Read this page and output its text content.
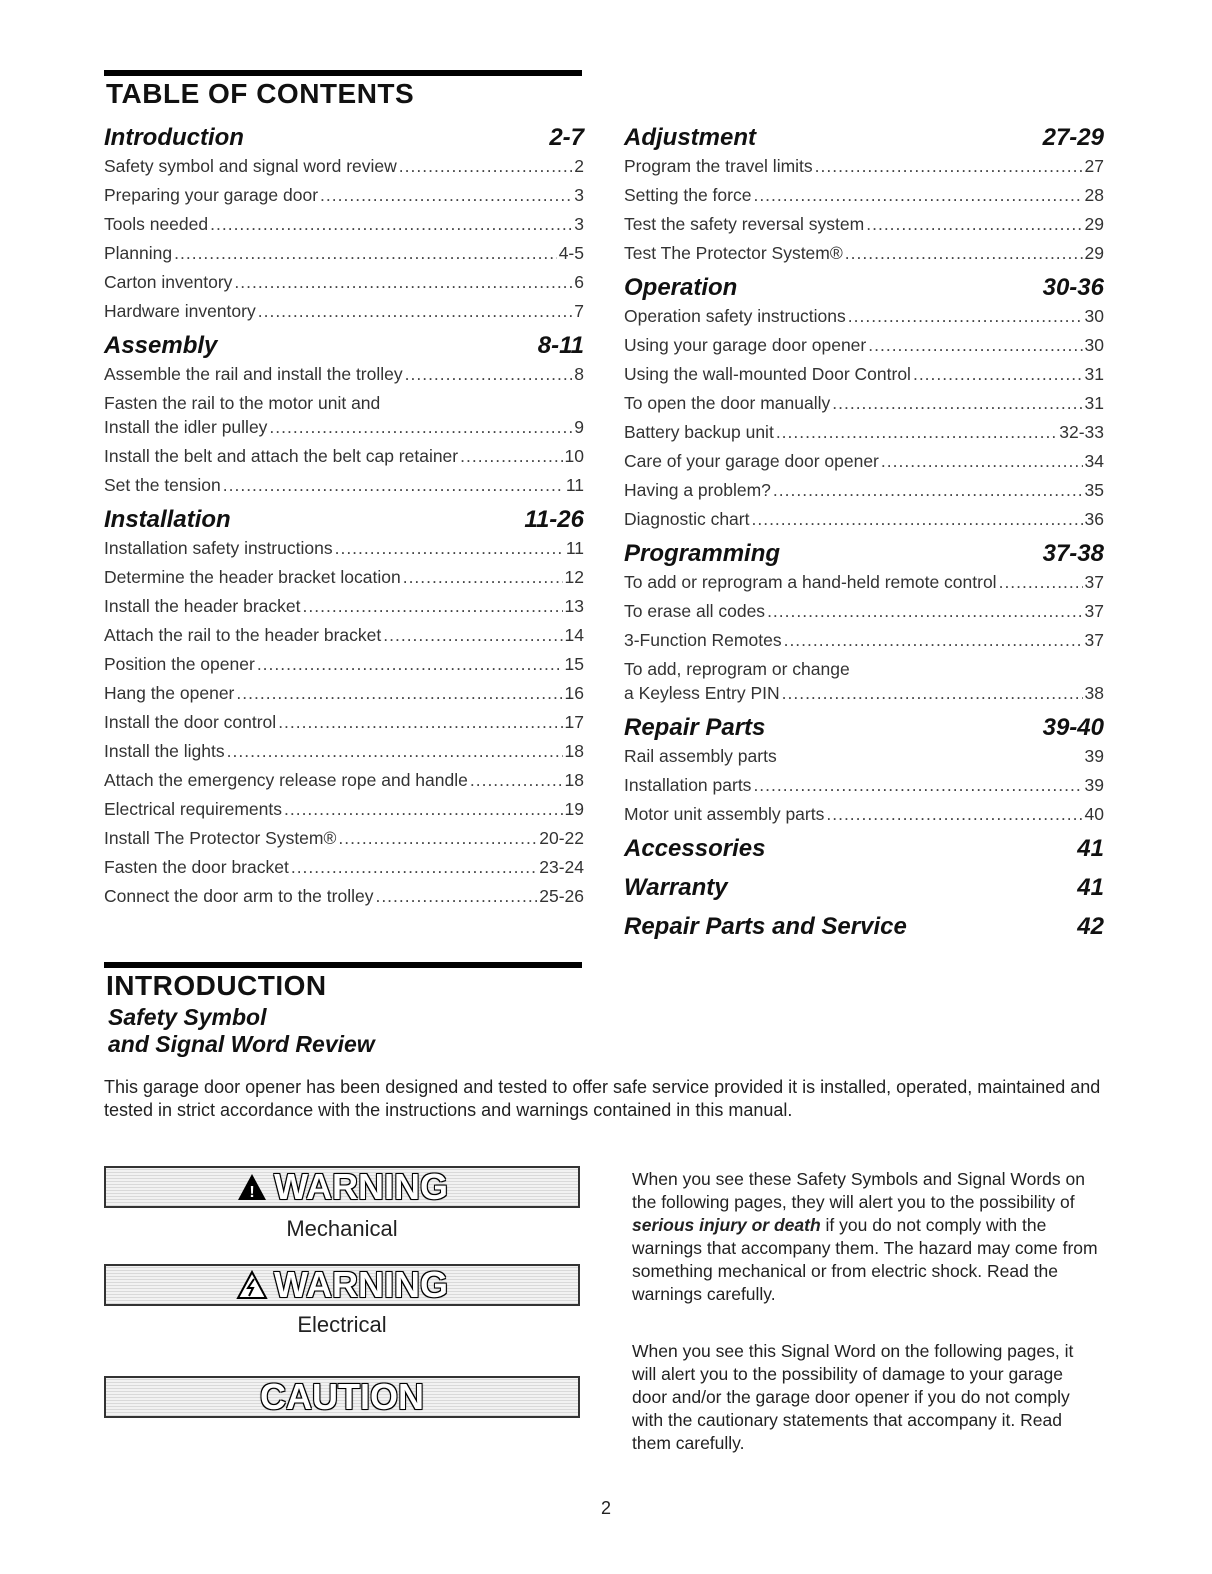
TABLE OF CONTENTS
Introduction	2-7
Safety symbol and signal word review .....	2
Preparing your garage door .....	3
Tools needed .....	3
Planning .....	4-5
Carton inventory .....	6
Hardware inventory .....	7
Assembly	8-11
Assemble the rail and install the trolley .....	8
Fasten the rail to the motor unit and
Install the idler pulley .....	9
Install the belt and attach the belt cap retainer .....	10
Set the tension .....	11
Installation	11-26
Installation safety instructions .....	11
Determine the header bracket location .....	12
Install the header bracket .....	13
Attach the rail to the header bracket .....	14
Position the opener .....	15
Hang the opener .....	16
Install the door control .....	17
Install the lights .....	18
Attach the emergency release rope and handle .....	18
Electrical requirements .....	19
Install The Protector System® .....	20-22
Fasten the door bracket .....	23-24
Connect the door arm to the trolley .....	25-26
Adjustment	27-29
Program the travel limits .....	27
Setting the force .....	28
Test the safety reversal system .....	29
Test The Protector System® .....	29
Operation	30-36
Operation safety instructions .....	30
Using your garage door opener .....	30
Using the wall-mounted Door Control .....	31
To open the door manually .....	31
Battery backup unit .....	32-33
Care of your garage door opener .....	34
Having a problem? .....	35
Diagnostic chart .....	36
Programming	37-38
To add or reprogram a hand-held remote control .....	37
To erase all codes .....	37
3-Function Remotes .....	37
To add, reprogram or change
a Keyless Entry PIN .....	38
Repair Parts	39-40
Rail assembly parts	39
Installation parts .....	39
Motor unit assembly parts .....	40
Accessories	41
Warranty	41
Repair Parts and Service	42
INTRODUCTION
Safety Symbol
and Signal Word Review
This garage door opener has been designed and tested to offer safe service provided it is installed, operated, maintained and tested in strict accordance with the instructions and warnings contained in this manual.
! WARNING
Mechanical
WARNING
Electrical
CAUTION
When you see these Safety Symbols and Signal Words on the following pages, they will alert you to the possibility of serious injury or death if you do not comply with the warnings that accompany them. The hazard may come from something mechanical or from electric shock. Read the warnings carefully.
When you see this Signal Word on the following pages, it will alert you to the possibility of damage to your garage door and/or the garage door opener if you do not comply with the cautionary statements that accompany it. Read them carefully.
2
